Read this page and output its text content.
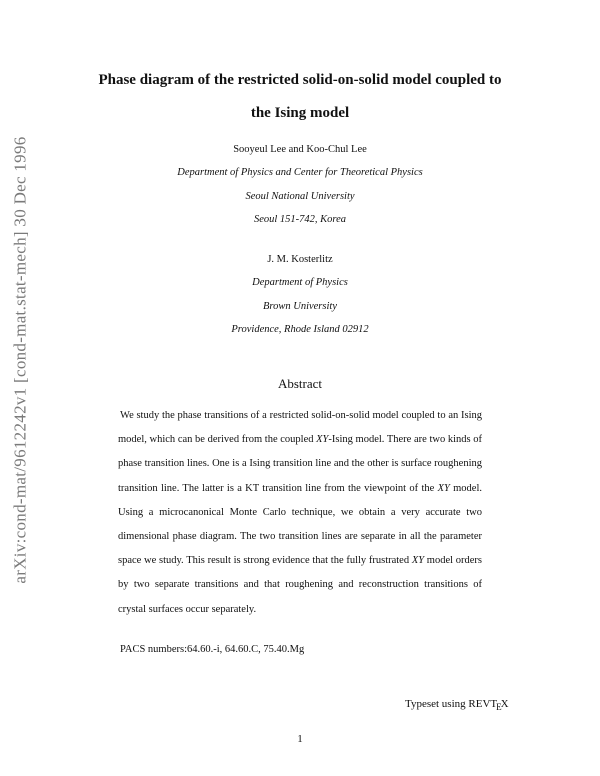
arXiv:cond-mat/9612242v1 [cond-mat.stat-mech] 30 Dec 1996
Phase diagram of the restricted solid-on-solid model coupled to
the Ising model
Sooyeul Lee and Koo-Chul Lee
Department of Physics and Center for Theoretical Physics
Seoul National University
Seoul 151-742, Korea
J. M. Kosterlitz
Department of Physics
Brown University
Providence, Rhode Island 02912
Abstract

We study the phase transitions of a restricted solid-on-solid model coupled to an Ising model, which can be derived from the coupled XY-Ising model. There are two kinds of phase transition lines. One is a Ising transition line and the other is surface roughening transition line. The latter is a KT transition line from the viewpoint of the XY model. Using a microcanonical Monte Carlo technique, we obtain a very accurate two dimensional phase diagram. The two transition lines are separate in all the parameter space we study. This result is strong evidence that the fully frustrated XY model orders by two separate transitions and that roughening and reconstruction transitions of crystal surfaces occur separately.

PACS numbers:64.60.-i, 64.60.C, 75.40.Mg
Typeset using $REVT_EX$
1
